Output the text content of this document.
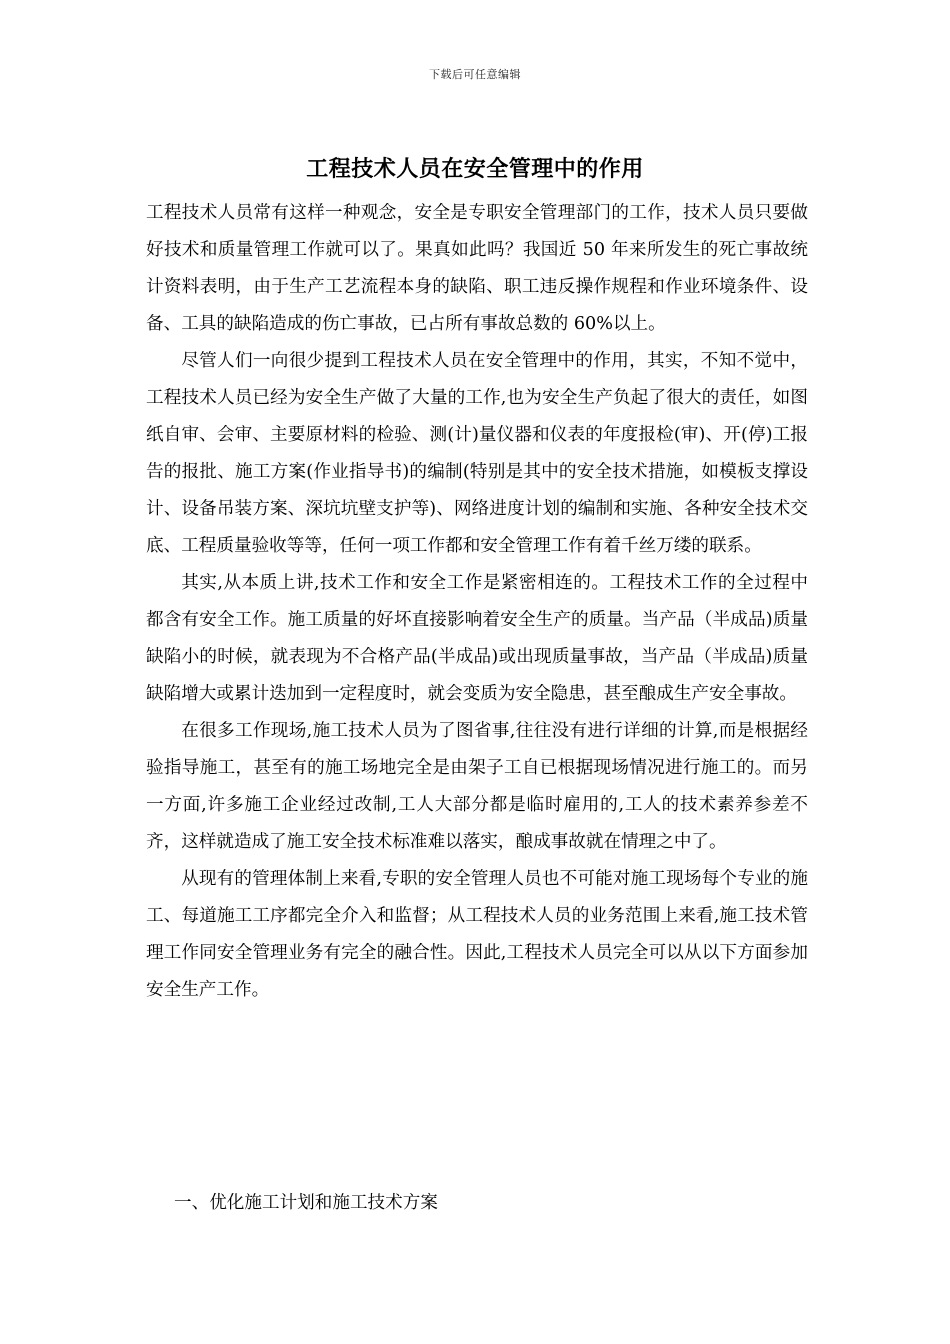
下载后可任意编辑
工程技术人员在安全管理中的作用

工程技术人员常有这样一种观念，安全是专职安全管理部门的工作，技术人员只要做好技术和质量管理工作就可以了。果真如此吗？我国近 50 年来所发生的死亡事故统计资料表明，由于生产工艺流程本身的缺陷、职工违反操作规程和作业环境条件、设备、工具的缺陷造成的伤亡事故，已占所有事故总数的 60%以上。

尽管人们一向很少提到工程技术人员在安全管理中的作用，其实，不知不觉中，工程技术人员已经为安全生产做了大量的工作,也为安全生产负起了很大的责任，如图纸自审、会审、主要原材料的检验、测(计)量仪器和仪表的年度报检(审)、开(停)工报告的报批、施工方案(作业指导书)的编制(特别是其中的安全技术措施，如模板支撑设计、设备吊装方案、深坑坑壁支护等)、网络进度计划的编制和实施、各种安全技术交底、工程质量验收等等，任何一项工作都和安全管理工作有着千丝万缕的联系。

其实,从本质上讲,技术工作和安全工作是紧密相连的。工程技术工作的全过程中都含有安全工作。施工质量的好坏直接影响着安全生产的质量。当产品（半成品)质量缺陷小的时候，就表现为不合格产品(半成品)或出现质量事故，当产品（半成品)质量缺陷增大或累计迭加到一定程度时，就会变质为安全隐患，甚至酿成生产安全事故。

在很多工作现场,施工技术人员为了图省事,往往没有进行详细的计算,而是根据经验指导施工，甚至有的施工场地完全是由架子工自已根据现场情况进行施工的。而另一方面,许多施工企业经过改制,工人大部分都是临时雇用的,工人的技术素养参差不齐，这样就造成了施工安全技术标准难以落实，酿成事故就在情理之中了。

从现有的管理体制上来看,专职的安全管理人员也不可能对施工现场每个专业的施工、每道施工工序都完全介入和监督；从工程技术人员的业务范围上来看,施工技术管理工作同安全管理业务有完全的融合性。因此,工程技术人员完全可以从以下方面参加安全生产工作。

一、优化施工计划和施工技术方案
